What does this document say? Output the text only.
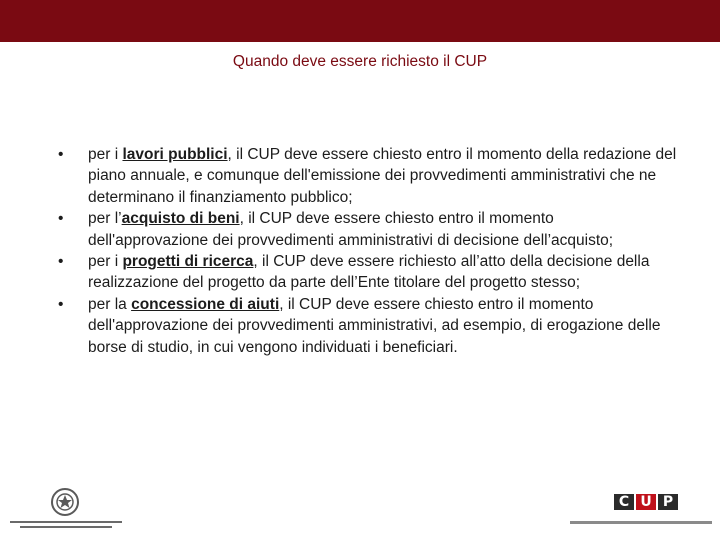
Quando deve essere richiesto il CUP
•	per i lavori pubblici, il CUP deve essere chiesto entro il momento della redazione del piano annuale, e comunque dell'emissione dei provvedimenti amministrativi che ne determinano il finanziamento pubblico;
•	per l’acquisto di beni, il CUP deve essere chiesto entro il momento dell'approvazione dei provvedimenti amministrativi di decisione dell’acquisto;
•	per i progetti di ricerca, il CUP deve essere richiesto all’atto della decisione della realizzazione del progetto da parte dell’Ente titolare del progetto stesso;
•	per la concessione di aiuti, il CUP deve essere chiesto entro il momento dell'approvazione dei provvedimenti amministrativi, ad esempio, di erogazione delle borse di studio, in cui vengono individuati i beneficiari.
C U P
